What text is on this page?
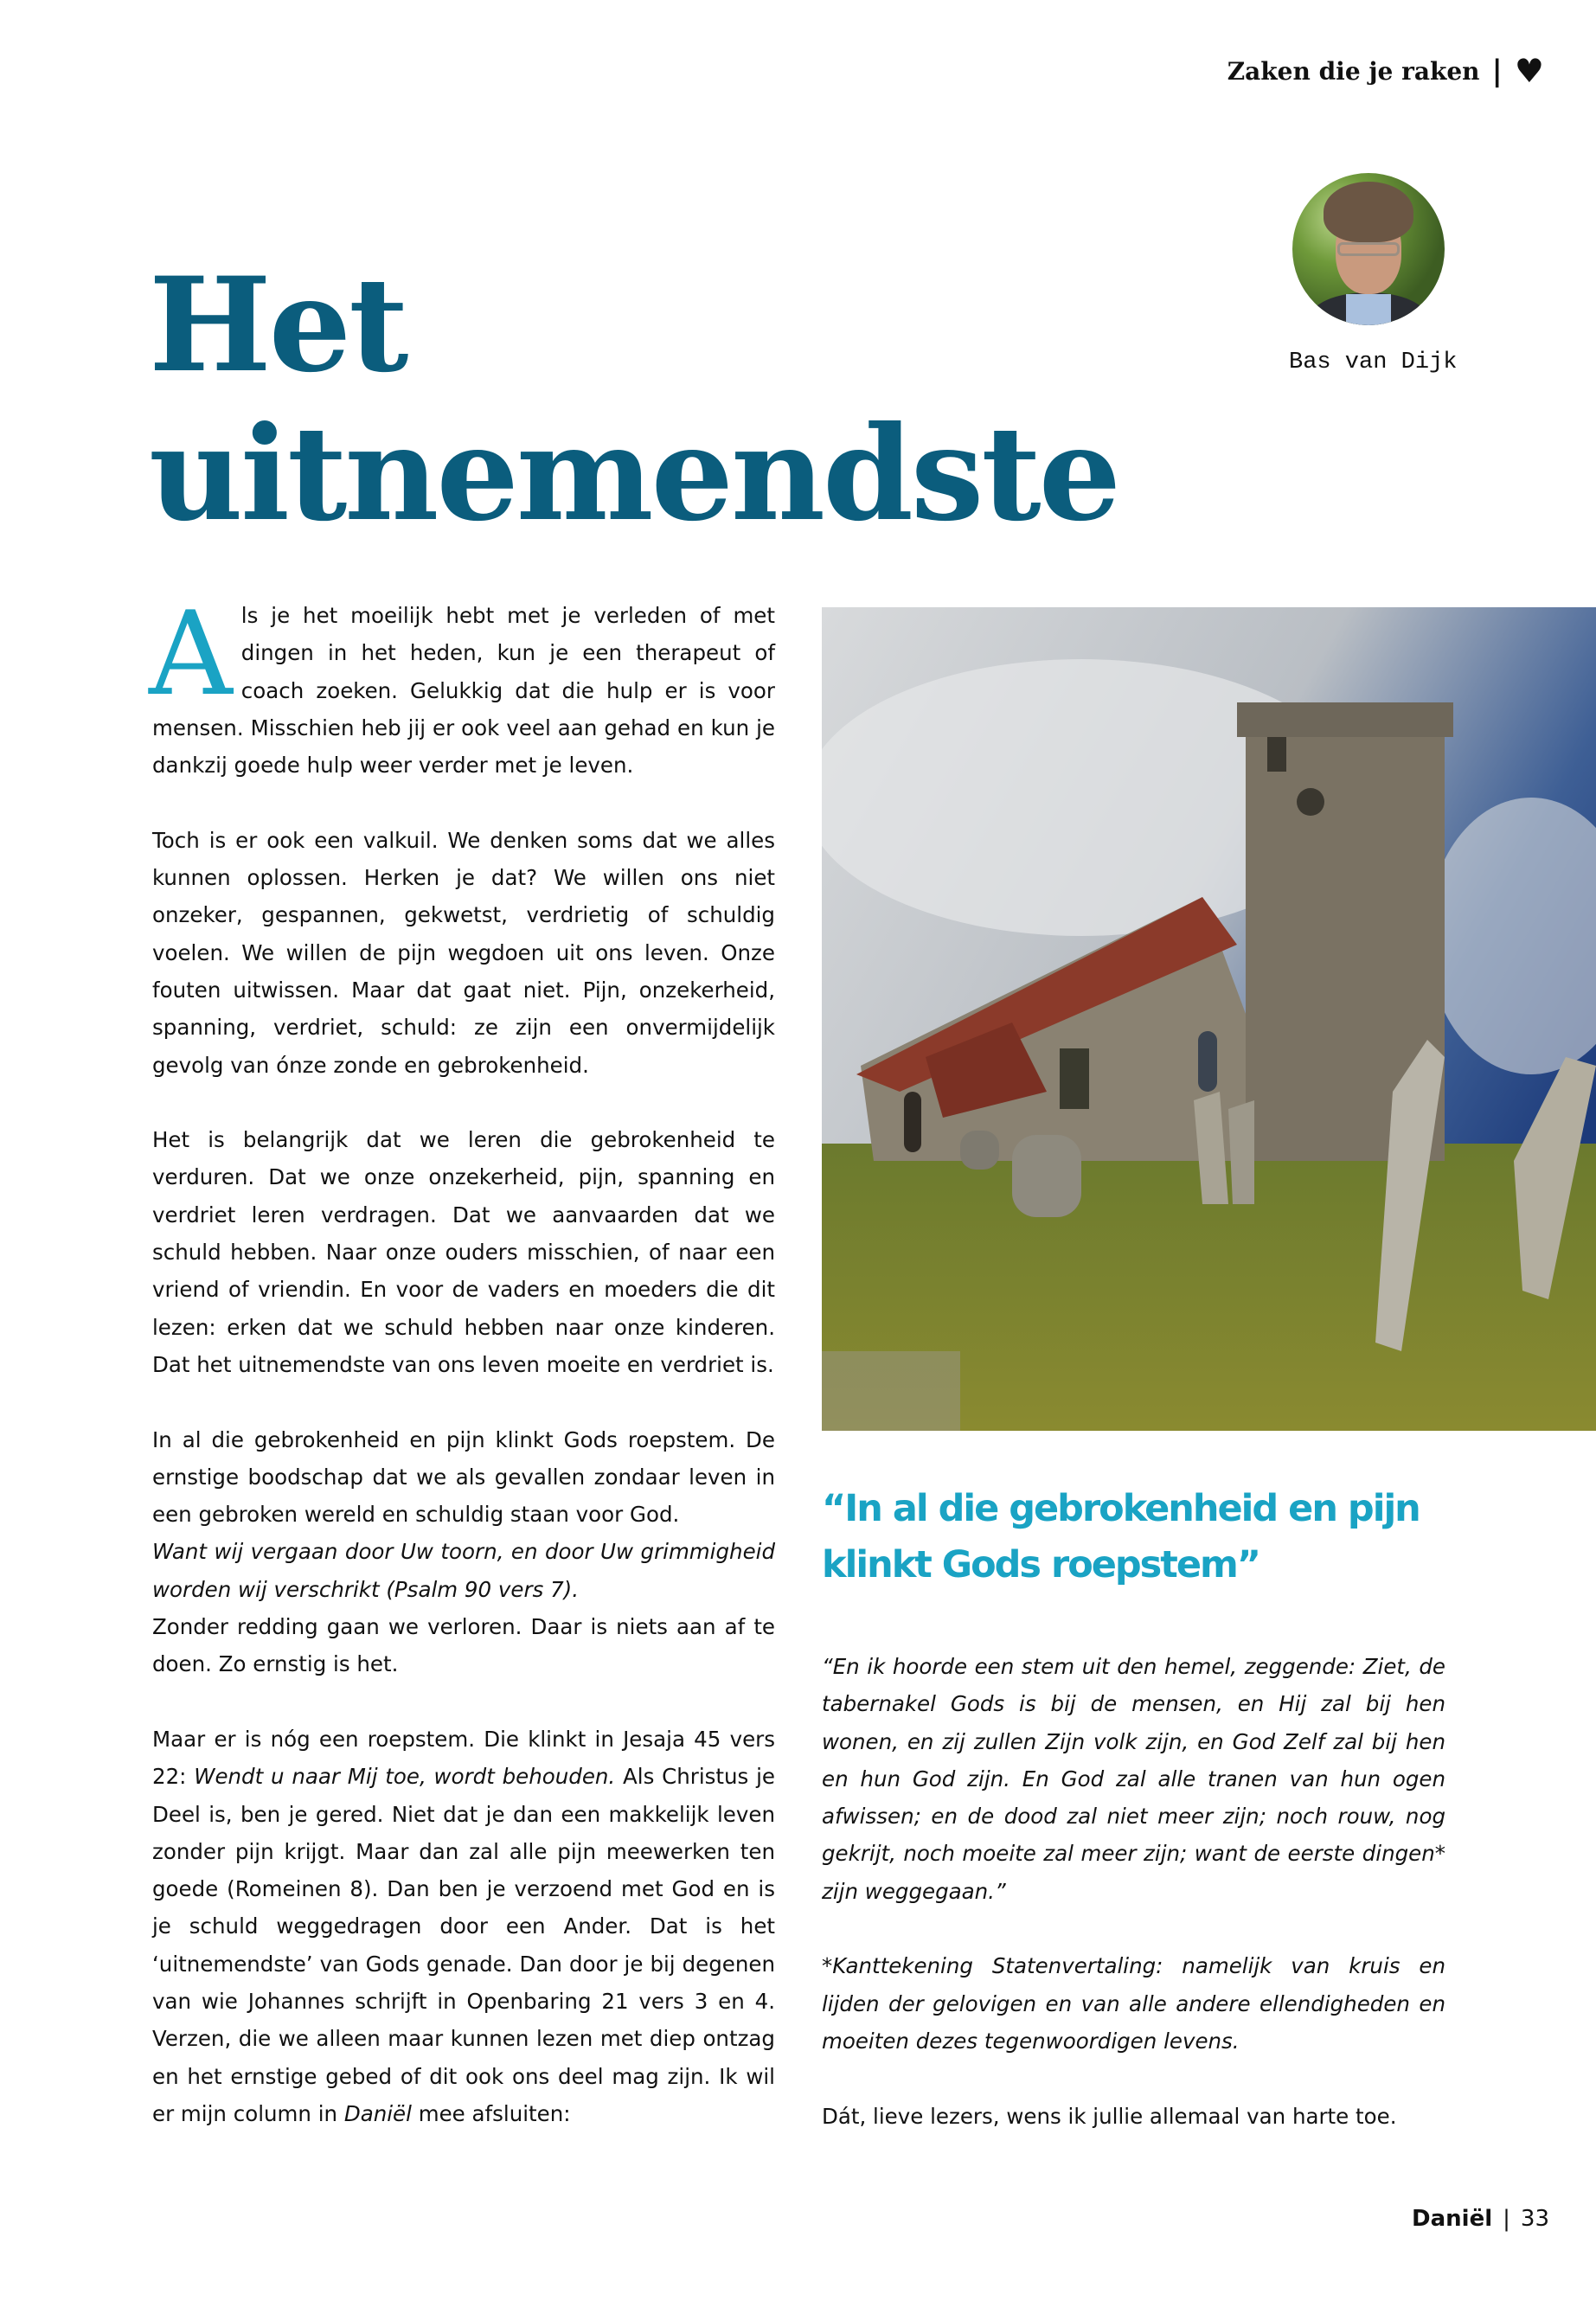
Zaken die je raken | ♥
Bas van Dijk
Het
uitnemendste

Als je het moeilijk hebt met je verleden of met dingen in het heden, kun je een therapeut of coach zoeken. Gelukkig dat die hulp er is voor mensen. Misschien heb jij er ook veel aan gehad en kun je dankzij goede hulp weer verder met je leven.

Toch is er ook een valkuil. We denken soms dat we alles kunnen oplossen. Herken je dat? We willen ons niet onzeker, gespannen, gekwetst, verdrietig of schuldig voelen. We willen de pijn wegdoen uit ons leven. Onze fouten uitwissen. Maar dat gaat niet. Pijn, onzekerheid, spanning, verdriet, schuld: ze zijn een onvermijdelijk gevolg van ónze zonde en gebrokenheid.

Het is belangrijk dat we leren die gebrokenheid te verduren. Dat we onze onzekerheid, pijn, spanning en verdriet leren verdragen. Dat we aanvaarden dat we schuld hebben. Naar onze ouders misschien, of naar een vriend of vriendin. En voor de vaders en moeders die dit lezen: erken dat we schuld hebben naar onze kinderen. Dat het uitnemendste van ons leven moeite en verdriet is.

In al die gebrokenheid en pijn klinkt Gods roepstem. De ernstige boodschap dat we als gevallen zondaar leven in een gebroken wereld en schuldig staan voor God.

Want wij vergaan door Uw toorn, en door Uw grimmigheid worden wij verschrikt (Psalm 90 vers 7).

Zonder redding gaan we verloren. Daar is niets aan af te doen. Zo ernstig is het.

Maar er is nóg een roepstem. Die klinkt in Jesaja 45 vers 22: Wendt u naar Mij toe, wordt behouden. Als Christus je Deel is, ben je gered. Niet dat je dan een makkelijk leven zonder pijn krijgt. Maar dan zal alle pijn meewerken ten goede (Romeinen 8). Dan ben je verzoend met God en is je schuld weggedragen door een Ander. Dat is het ‘uitnemendste’ van Gods genade. Dan door je bij degenen van wie Johannes schrijft in Openbaring 21 vers 3 en 4. Verzen, die we alleen maar kunnen lezen met diep ontzag en het ernstige gebed of dit ook ons deel mag zijn. Ik wil er mijn column in Daniël mee afsluiten:

“In al die gebrokenheid en pijn klinkt Gods roepstem”

“En ik hoorde een stem uit den hemel, zeggende: Ziet, de tabernakel Gods is bij de mensen, en Hij zal bij hen wonen, en zij zullen Zijn volk zijn, en God Zelf zal bij hen en hun God zijn. En God zal alle tranen van hun ogen afwissen; en de dood zal niet meer zijn; noch rouw, nog gekrijt, noch moeite zal meer zijn; want de eerste dingen* zijn weggegaan.”

*Kanttekening Statenvertaling: namelijk van kruis en lijden der gelovigen en van alle andere ellendigheden en moeiten dezes tegenwoordigen levens.

Dát, lieve lezers, wens ik jullie allemaal van harte toe.

Daniël | 33
